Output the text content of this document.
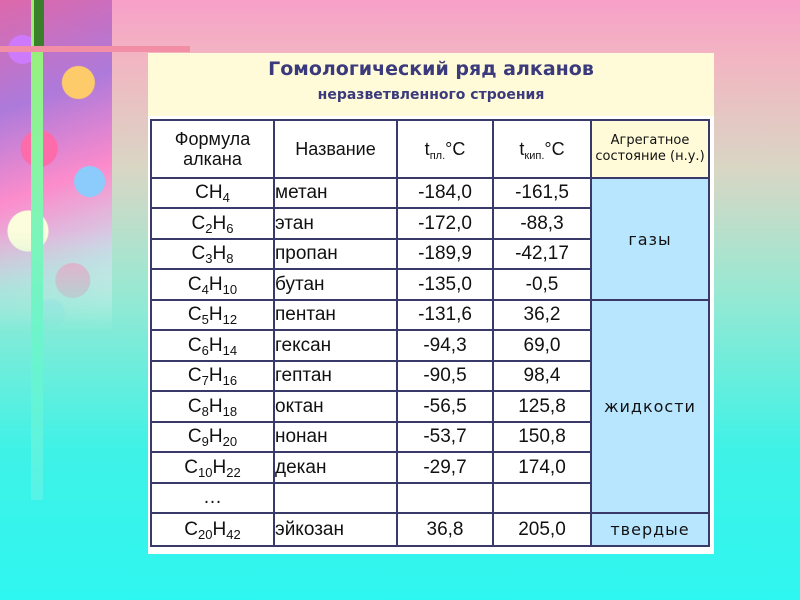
Гомологический ряд алканов
неразветвленного строения
Формула алкана	Название	$t_{пл.}^\circ C$	$t_{кип.}^\circ C$	Агрегатное состояние (н.у.)
$CH_4$	метан	-184,0	-161,5	газы
$C_2H_6$	этан	-172,0	-88,3	
$C_3H_8$	пропан	-189,9	-42,17	
$C_4H_{10}$	бутан	-135,0	-0,5	
$C_5H_{12}$	пентан	-131,6	36,2	жидкости
$C_6H_{14}$	гексан	-94,3	69,0	
$C_7H_{16}$	гептан	-90,5	98,4	
$C_8H_{18}$	октан	-56,5	125,8	
$C_9H_{20}$	нонан	-53,7	150,8	
$C_{10}H_{22}$	декан	-29,7	174,0	
…				
$C_{20}H_{42}$	эйкозан	36,8	205,0	твердые
